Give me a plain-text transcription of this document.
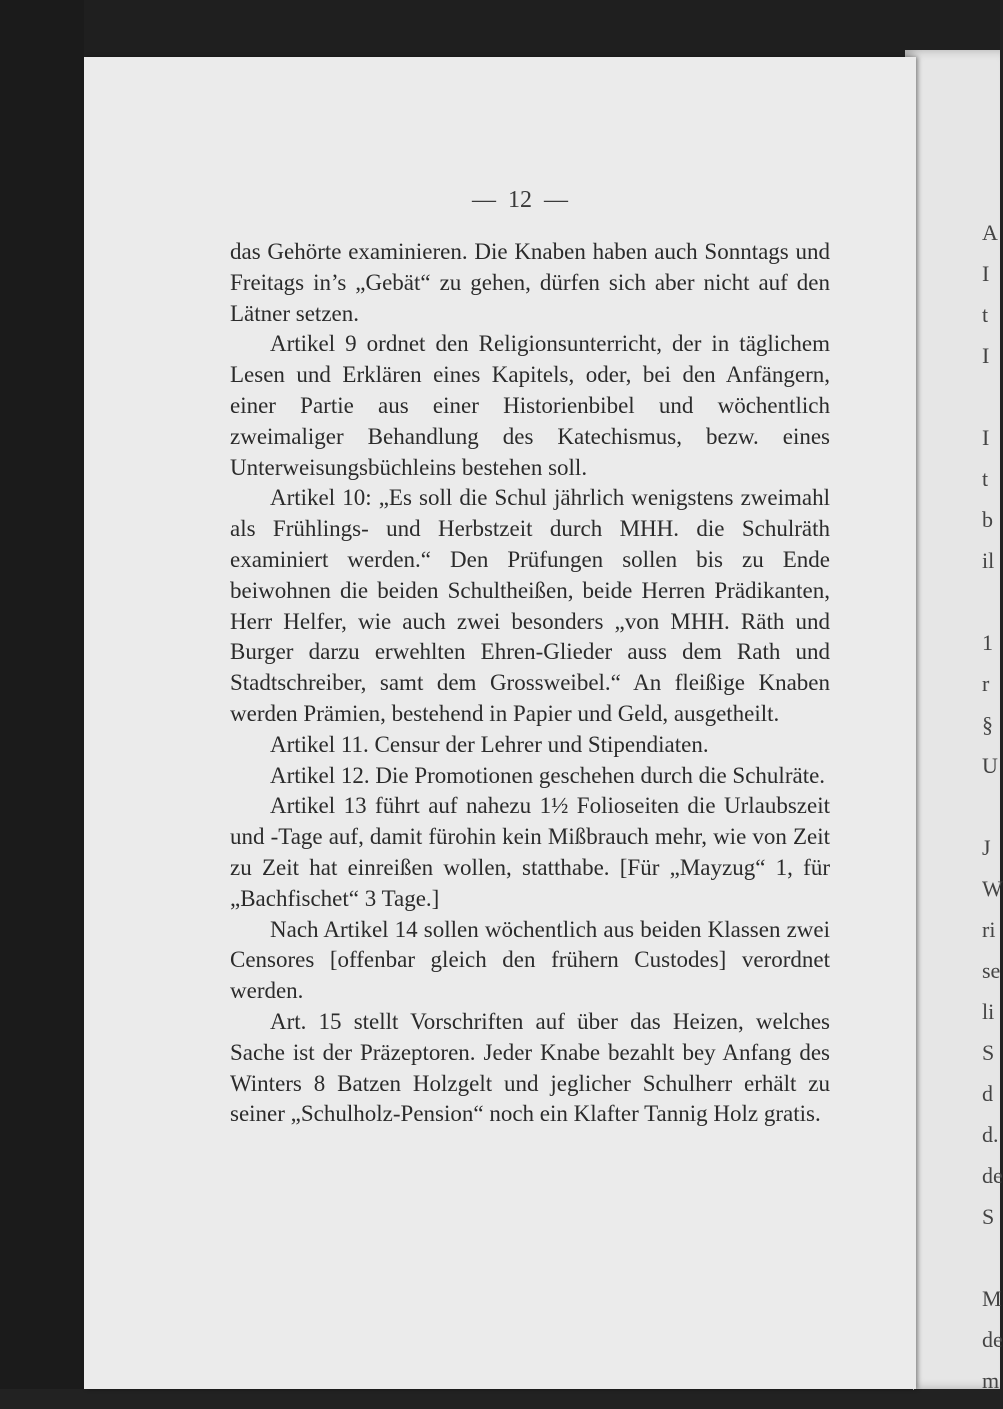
A
I
t
I
I
t
b
il
1
r
§
U
J
W
ri
se
li
S
d
d.
de
S
M
de
m
—  12  —

das Gehörte examinieren. Die Knaben haben auch Sonntags und Freitags in’s „Gebät“ zu gehen, dürfen sich aber nicht auf den Lätner setzen.

Artikel 9 ordnet den Religionsunterricht, der in täglichem Lesen und Erklären eines Kapitels, oder, bei den Anfängern, einer Partie aus einer Historienbibel und wöchentlich zweimaliger Behandlung des Katechismus, bezw. eines Unterweisungsbüchleins bestehen soll.

Artikel 10: „Es soll die Schul jährlich wenigstens zweimahl als Frühlings- und Herbstzeit durch MHH. die Schulräth examiniert werden.“ Den Prüfungen sollen bis zu Ende beiwohnen die beiden Schultheißen, beide Herren Prädikanten, Herr Helfer, wie auch zwei besonders „von MHH. Räth und Burger darzu erwehlten Ehren-Glieder auss dem Rath und Stadtschreiber, samt dem Grossweibel.“ An fleißige Knaben werden Prämien, bestehend in Papier und Geld, ausgetheilt.

Artikel 11. Censur der Lehrer und Stipendiaten.

Artikel 12. Die Promotionen geschehen durch die Schulräte.

Artikel 13 führt auf nahezu 1½ Folioseiten die Urlaubszeit und -Tage auf, damit fürohin kein Mißbrauch mehr, wie von Zeit zu Zeit hat einreißen wollen, statthabe. [Für „Mayzug“ 1, für „Bachfischet“ 3 Tage.]

Nach Artikel 14 sollen wöchentlich aus beiden Klassen zwei Censores [offenbar gleich den frühern Custodes] verordnet werden.

Art. 15 stellt Vorschriften auf über das Heizen, welches Sache ist der Präzeptoren. Jeder Knabe bezahlt bey Anfang des Winters 8 Batzen Holzgelt und jeglicher Schulherr erhält zu seiner „Schulholz-Pension“ noch ein Klafter Tannig Holz gratis.
